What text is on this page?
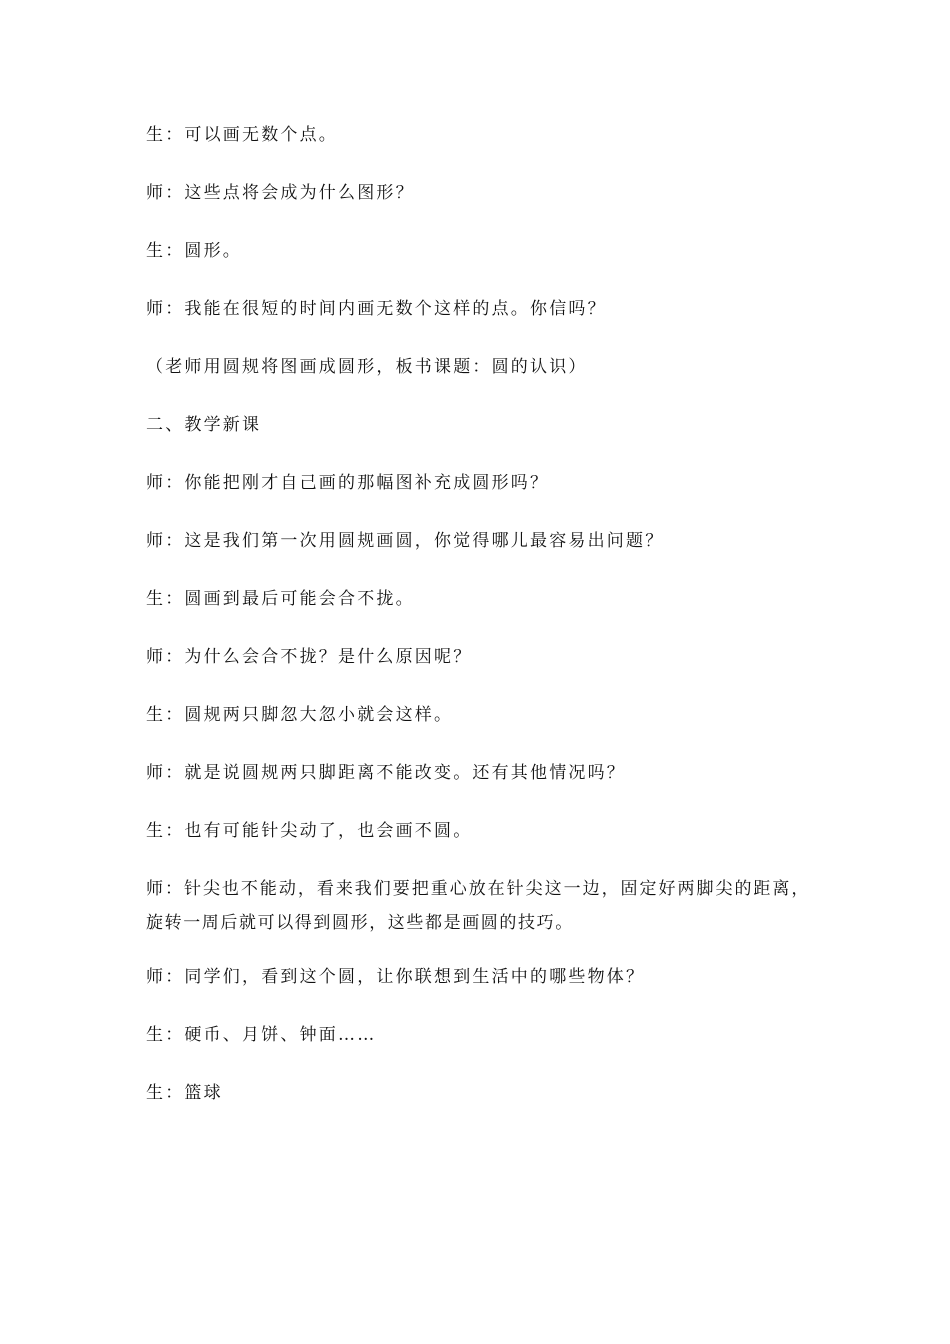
生：可以画无数个点。

师：这些点将会成为什么图形？

生：圆形。

师：我能在很短的时间内画无数个这样的点。你信吗？

（老师用圆规将图画成圆形，板书课题：圆的认识）

二、教学新课

师：你能把刚才自己画的那幅图补充成圆形吗？

师：这是我们第一次用圆规画圆，你觉得哪儿最容易出问题？

生：圆画到最后可能会合不拢。

师：为什么会合不拢？是什么原因呢？

生：圆规两只脚忽大忽小就会这样。

师：就是说圆规两只脚距离不能改变。还有其他情况吗？

生：也有可能针尖动了，也会画不圆。

师：针尖也不能动，看来我们要把重心放在针尖这一边，固定好两脚尖的距离，旋转一周后就可以得到圆形，这些都是画圆的技巧。

师：同学们，看到这个圆，让你联想到生活中的哪些物体？

生：硬币、月饼、钟面……

生：篮球
